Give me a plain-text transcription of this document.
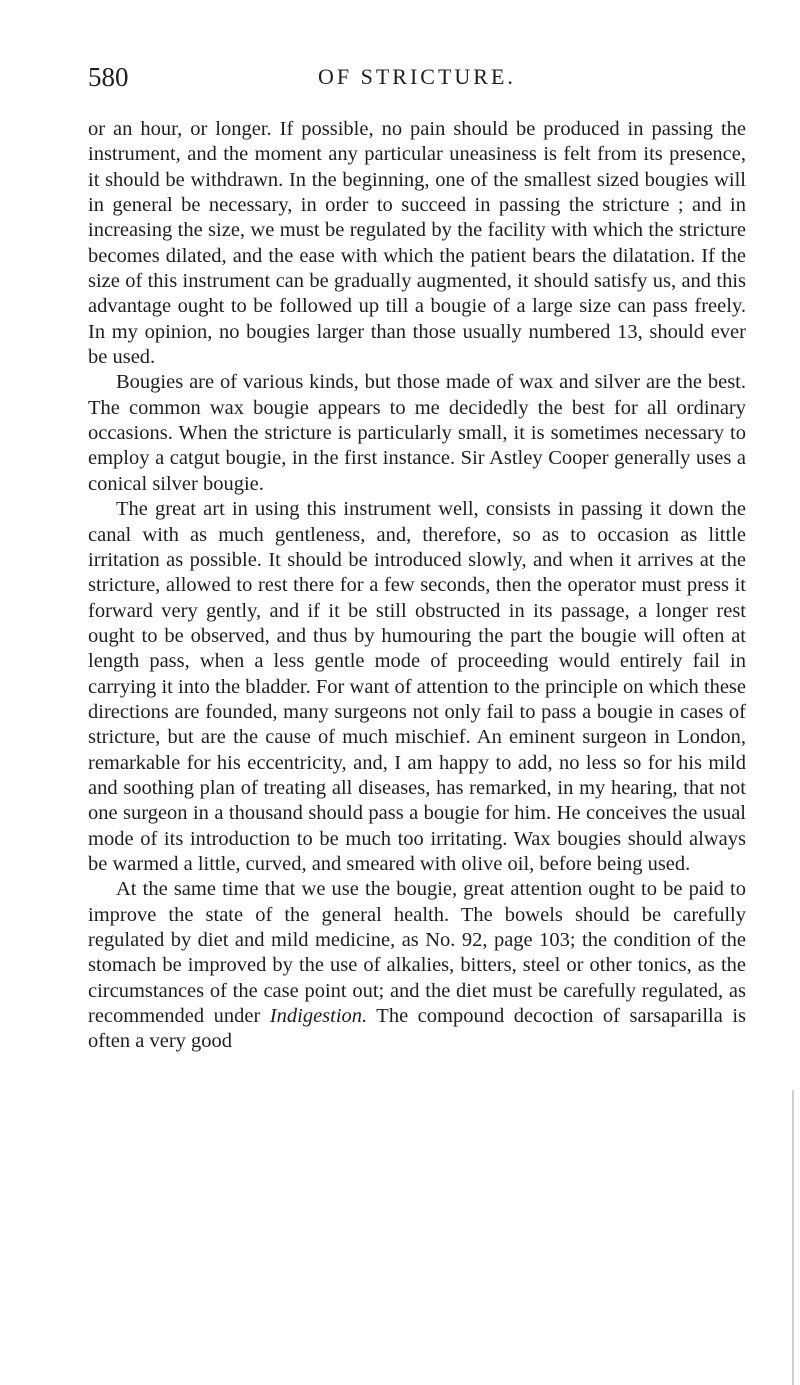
580	OF STRICTURE.

or an hour, or longer. If possible, no pain should be produced in passing the instrument, and the moment any particular uneasiness is felt from its presence, it should be withdrawn. In the beginning, one of the smallest sized bougies will in general be necessary, in order to succeed in passing the stricture ; and in increasing the size, we must be regulated by the facility with which the stricture becomes dilated, and the ease with which the patient bears the dilatation. If the size of this instrument can be gradually augmented, it should satisfy us, and this advantage ought to be followed up till a bougie of a large size can pass freely. In my opinion, no bougies larger than those usually numbered 13, should ever be used.

Bougies are of various kinds, but those made of wax and silver are the best. The common wax bougie appears to me decidedly the best for all ordinary occasions. When the stricture is particularly small, it is sometimes necessary to employ a catgut bougie, in the first instance. Sir Astley Cooper generally uses a conical silver bougie.

The great art in using this instrument well, consists in passing it down the canal with as much gentleness, and, therefore, so as to occasion as little irritation as possible. It should be introduced slowly, and when it arrives at the stricture, allowed to rest there for a few seconds, then the operator must press it forward very gently, and if it be still obstructed in its passage, a longer rest ought to be observed, and thus by humouring the part the bougie will often at length pass, when a less gentle mode of proceeding would entirely fail in carrying it into the bladder. For want of attention to the principle on which these directions are founded, many surgeons not only fail to pass a bougie in cases of stricture, but are the cause of much mischief. An eminent surgeon in London, remarkable for his eccentricity, and, I am happy to add, no less so for his mild and soothing plan of treating all diseases, has remarked, in my hearing, that not one surgeon in a thousand should pass a bougie for him. He conceives the usual mode of its introduction to be much too irritating. Wax bougies should always be warmed a little, curved, and smeared with olive oil, before being used.

At the same time that we use the bougie, great attention ought to be paid to improve the state of the general health. The bowels should be carefully regulated by diet and mild medicine, as No. 92, page 103; the condition of the stomach be improved by the use of alkalies, bitters, steel or other tonics, as the circumstances of the case point out; and the diet must be carefully regulated, as recommended under Indigestion. The compound decoction of sarsaparilla is often a very good
